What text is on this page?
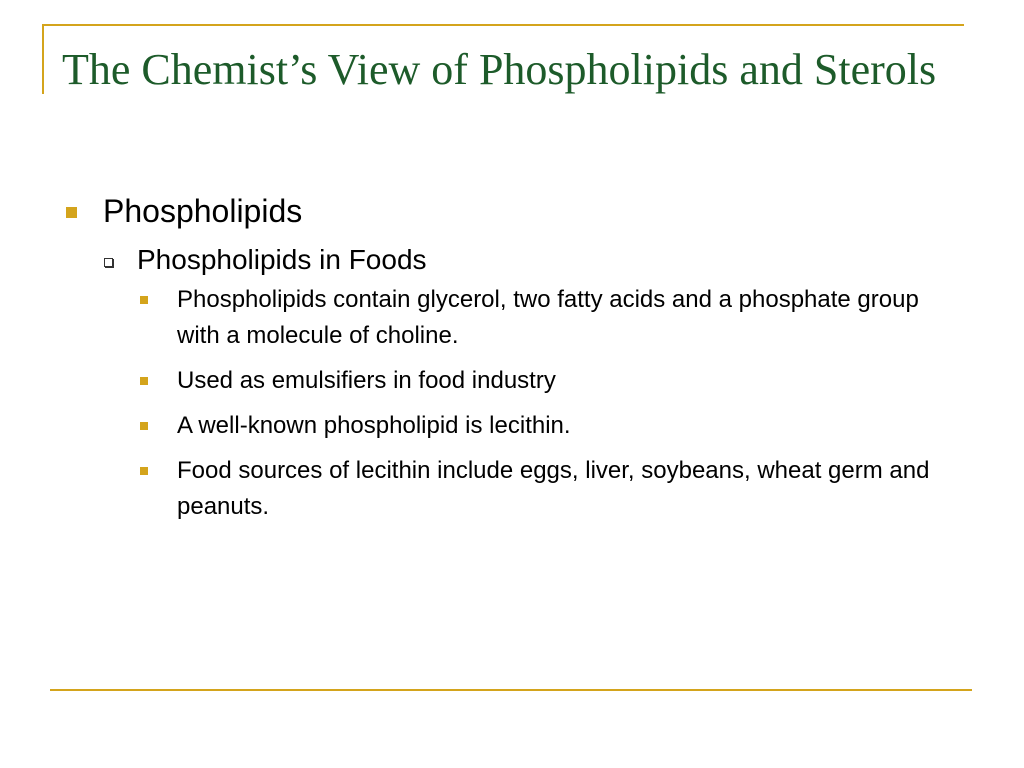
The Chemist’s View of Phospholipids and Sterols
Phospholipids
Phospholipids in Foods
Phospholipids contain glycerol, two fatty acids and a phosphate group with a molecule of choline.
Used as emulsifiers in food industry
A well-known phospholipid is lecithin.
Food sources of lecithin include eggs, liver, soybeans, wheat germ and peanuts.
